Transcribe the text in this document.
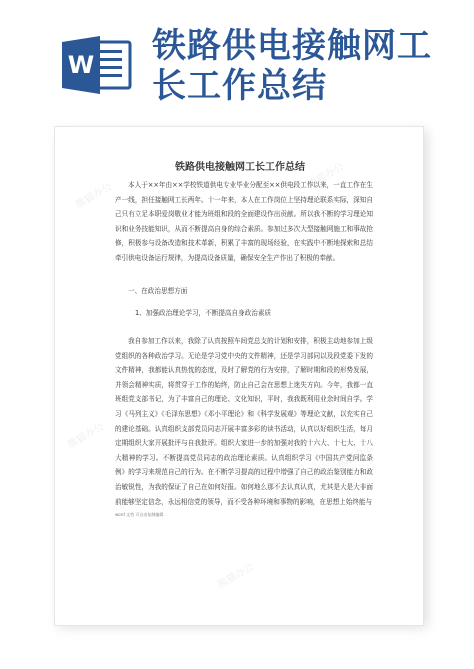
W 铁路供电接触网工长工作总结
熊猫办公
熊猫办公
熊猫办公
熊猫办公
熊猫办公
熊猫办公
铁路供电接触网工长工作总结

本人于××年由××学校铁道供电专业毕业分配至××供电段工作以来，一直工作在生产一线，担任接触网工长两年。十一年来，本人在工作岗位上坚持理论联系实际，深知自己只有立足本职爱岗敬业才能为班组和段的全面建设作出贡献。所以我不断的学习理论知识和业务技能知识，从而不断提高自身的综合素质。参加过多次大型接触网施工和事故抢修，积极参与设备改造和技术革新，积累了丰富的现场经验，在实践中不断地探索和总结牵引供电设备运行规律，为提高设备质量，确保安全生产作出了积极的奉献。

一、在政治思想方面

1、加强政治理论学习，不断提高自身政治素质

我自参加工作以来，我除了认真按照车间党总支的计划和安排，积极主动地参加上级党组织的各种政治学习。无论是学习党中央的文件精神，还是学习部同以及段党委下发的文件精神，我都能认真热忱的态度，及时了解党的行为安排，了解时期和段的形势发展，并领会精神实质，将贯穿于工作的始终，防止自己会在思想上迷失方向。今年，我都一直班组党支部书记，为了丰富自己的理论、文化知识，平时，我我既利用业余时间自学。学习《马列主义》《毛泽东思想》《邓小平理论》和《科学发展观》等理论文献，以充实自己的建论基础。认真组织支部党员同志开展丰富多彩的读书活动，认真以好组织生活，每月定期组织大家开展批评与自我批评。组织大家进一步的加强对我的十六大、十七大、十八大精神的学习。不断提高党员同志的政治理论素质。认真组织学习《中国共产党问监条例》的学习来规范自己的行为。在不断学习提高的过程中增强了自己的政治鉴别能力和政治敏锐性，为我的保证了自己在如何好报。如何地么那不去认真认真，尤其是大是大非面前能够坚定信念，永远相信党的领导，而不受各种环境和事物的影响，在思想上始终能与

word 文档 可自由复制编辑
